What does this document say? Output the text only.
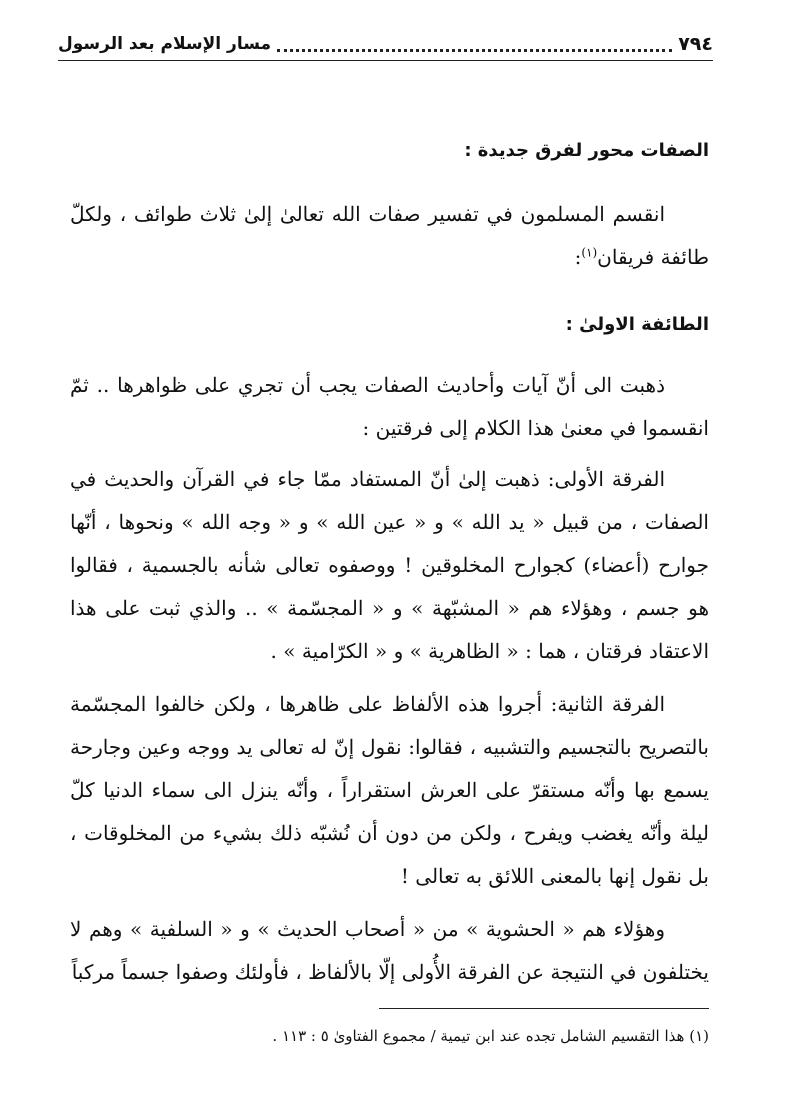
٧٩٤
مسار الإسلام بعد الرسول
الصفات محور لفرق جديدة :
انقسم المسلمون في تفسير صفات الله تعالىٰ إلىٰ ثلاث طوائف ، ولكلّ طائفة فريقان$^{(١)}$:
الطائفة الاولىٰ :
ذهبت الى أنّ آيات وأحاديث الصفات يجب أن تجري على ظواهرها .. ثمّ انقسموا في معنىٰ هذا الكلام إلى فرقتين :
الفرقة الأولى: ذهبت إلىٰ أنّ المستفاد ممّا جاء في القرآن والحديث في الصفات ، من قبيل « يد الله » و « عين الله » و « وجه الله » ونحوها ، أنّها جوارح (أعضاء) كجوارح المخلوقين ! ووصفوه تعالى شأنه بالجسمية ، فقالوا هو جسم ، وهؤلاء هم « المشبّهة » و « المجسّمة » .. والذي ثبت على هذا الاعتقاد فرقتان ، هما : « الظاهرية » و « الكرّامية » .
الفرقة الثانية: أجروا هذه الألفاظ على ظاهرها ، ولكن خالفوا المجسّمة بالتصريح بالتجسيم والتشبيه ، فقالوا: نقول إنّ له تعالى يد ووجه وعين وجارحة يسمع بها وأنّه مستقرّ على العرش استقراراً ، وأنّه ينزل الى سماء الدنيا كلّ ليلة وأنّه يغضب ويفرح ، ولكن من دون أن نُشبّه ذلك بشيء من المخلوقات ، بل نقول إنها بالمعنى اللائق به تعالى !
وهؤلاء هم « الحشوية » من « أصحاب الحديث » و « السلفية » وهم لا يختلفون في النتيجة عن الفرقة الأُولى إلّا بالألفاظ ، فأولئك وصفوا جسماً مركباً
(١) هذا التقسيم الشامل تجده عند ابن تيمية / مجموع الفتاوىٰ ٥ : ١١٣ .
